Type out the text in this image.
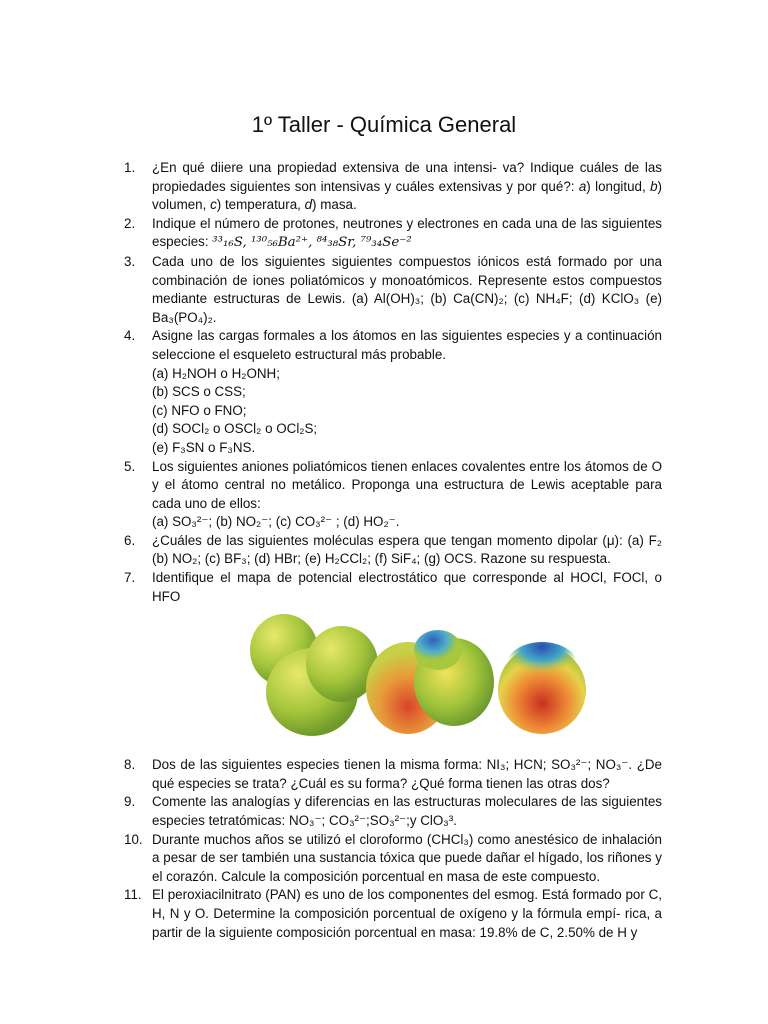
1º Taller - Química General
1.	¿En qué diiere una propiedad extensiva de una intensi- va? Indique cuáles de las propiedades siguientes son intensivas y cuáles extensivas y por qué?: a) longitud, b) volumen, c) temperatura, d) masa.
2.	Indique el número de protones, neutrones y electrones en cada una de las siguientes especies: ³³₁₆S, ¹³⁰₅₆Ba²⁺, ⁸⁴₃₈Sr, ⁷⁹₃₄Se⁻²
3.	Cada uno de los siguientes siguientes compuestos iónicos está formado por una combinación de iones poliatómicos y monoatómicos. Represente estos compuestos mediante estructuras de Lewis. (a) Al(OH)₃; (b) Ca(CN)₂; (c) NH₄F; (d) KClO₃ (e) Ba₃(PO₄)₂.
4.	Asigne las cargas formales a los átomos en las siguientes especies y a continuación seleccione el esqueleto estructural más probable.
(a) H₂NOH o H₂ONH;
(b) SCS o CSS;
(c) NFO o FNO;
(d) SOCl₂ o OSCl₂ o OCl₂S;
(e) F₃SN o F₃NS.
5.	Los siguientes aniones poliatómicos tienen enlaces covalentes entre los átomos de O y el átomo central no metálico. Proponga una estructura de Lewis aceptable para cada uno de ellos:
(a) SO₃²⁻; (b) NO₂⁻; (c) CO₃²⁻ ; (d) HO₂⁻.
6.	¿Cuáles de las siguientes moléculas espera que tengan momento dipolar (μ): (a) F₂ (b) NO₂; (c) BF₃; (d) HBr; (e) H₂CCl₂; (f) SiF₄; (g) OCS. Razone su respuesta.
7.	Identifique el mapa de potencial electrostático que corresponde al HOCl, FOCl, o HFO
8.	Dos de las siguientes especies tienen la misma forma: NI₃; HCN; SO₃²⁻; NO₃⁻. ¿De qué especies se trata? ¿Cuál es su forma? ¿Qué forma tienen las otras dos?
9.	Comente las analogías y diferencias en las estructuras moleculares de las siguientes especies tetratómicas: NO₃⁻; CO₃²⁻;SO₃²⁻;y ClO₃³.
10. Durante muchos años se utilizó el cloroformo (CHCl₃) como anestésico de inhalación a pesar de ser también una sustancia tóxica que puede dañar el hígado, los riñones y el corazón. Calcule la composición porcentual en masa de este compuesto.
11. El peroxiacilnitrato (PAN) es uno de los componentes del esmog. Está formado por C, H, N y O. Determine la composición porcentual de oxígeno y la fórmula empí- rica, a partir de la siguiente composición porcentual en masa: 19.8% de C, 2.50% de H y
